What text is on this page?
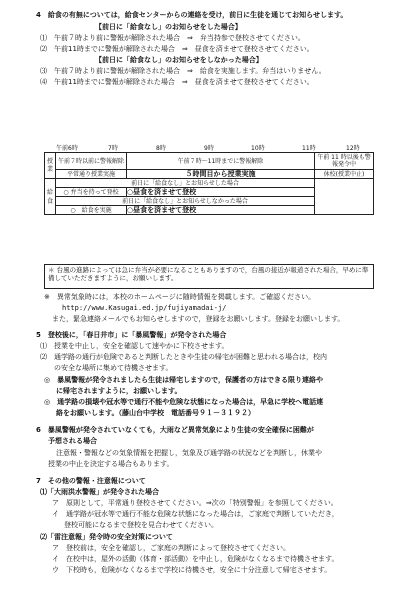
4　給食の有無については，給食センターからの連絡を受け，前日に生徒を通じてお知らせします。
【前日に「給食なし」のお知らせをした場合】
⑴　午前７時より前に警報が解除された場合　⇒　弁当持参で登校させてください。
⑵　午前11時までに警報が解除された場合　⇒　昼食を済ませて登校させてください。
【前日に「給食なし」のお知らせをしなかった場合】
⑶　午前７時より前に警報が解除された場合　⇒　給食を実施します。弁当はいりません。
⑷　午前11時までに警報が解除された場合　⇒　昼食を済ませて登校させてください。
午前6時	7時	8時	9時	10時	11時	12時
授業	午前７時以前に警報解除	午前７時〜11時までに警報解除	午前 11 時以後も警報発令中
	平常通り授業実施	５時間目から授業実施	休校(授業中止)
給食	前日に「給食なし」とお知らせした場合		
	○ 弁当を持って登校	○昼食を済ませて登校	
	前日に「給食なし」とお知らせしなかった場合		
	○　給食を実施	○昼食を済ませて登校	
＊ 台風の進路によっては急に弁当が必要になることもありますので，台風の接近が報道された場合，早めに準備していただきますように，お願いします。
※　異常気象時には，本校のホームページに随時情報を掲載します。ご確認ください。
http://www.Kasugai.ed.jp/fujiyamadai-j/
また，緊急連絡メールでもお知らせしますので，登録をお願いします。登録をお願いします。
5　登校後に，「春日井市」に「暴風警報」が発令された場合
⑴　授業を中止し，安全を確認して速やかに下校させます。
⑵　通学路の通行が危険であると判断したときや生徒の帰宅が困難と思われる場合は，校内
の安全な場所に集めて待機させます。
◎　暴風警報が発令されましたら生徒は帰宅しますので，保護者の方はできる限り連絡や
に帰宅されますように，お願いします。
◎　通学路の損壊や冠水等で通行不能や危険な状態になった場合は，早急に学校へ電話連
絡をお願いします。（藤山台中学校　電話番号９１－３１９２）
6　暴風警報が発令されていなくても，大雨など異常気象により生徒の安全確保に困難が
予想される場合
注意報・警報などの気象情報を把握し，気象及び通学路の状況などを判断し，休業や
授業の中止を決定する場合もあります。
7　その他の警報・注意報について
⑴「大雨洪水警報」が発令された場合
ア　原則として，平常通り登校させてください。⇒次の「特別警報」を参照してください。
イ　通学路が冠水等で通行不能な危険な状態になった場合は，ご家庭で判断していただき，
登校可能になるまで登校を見合わせてください。
⑵「雷注意報」発令時の安全対策について
ア　登校前は，安全を確認し，ご家庭の判断によって登校させてください。
イ　在校中は，屋外の活動（体育・部活動）を中止し，危険がなくなるまで待機させます。
ウ　下校時も，危険がなくなるまで学校に待機させ，安全に十分注意して帰宅させます。
